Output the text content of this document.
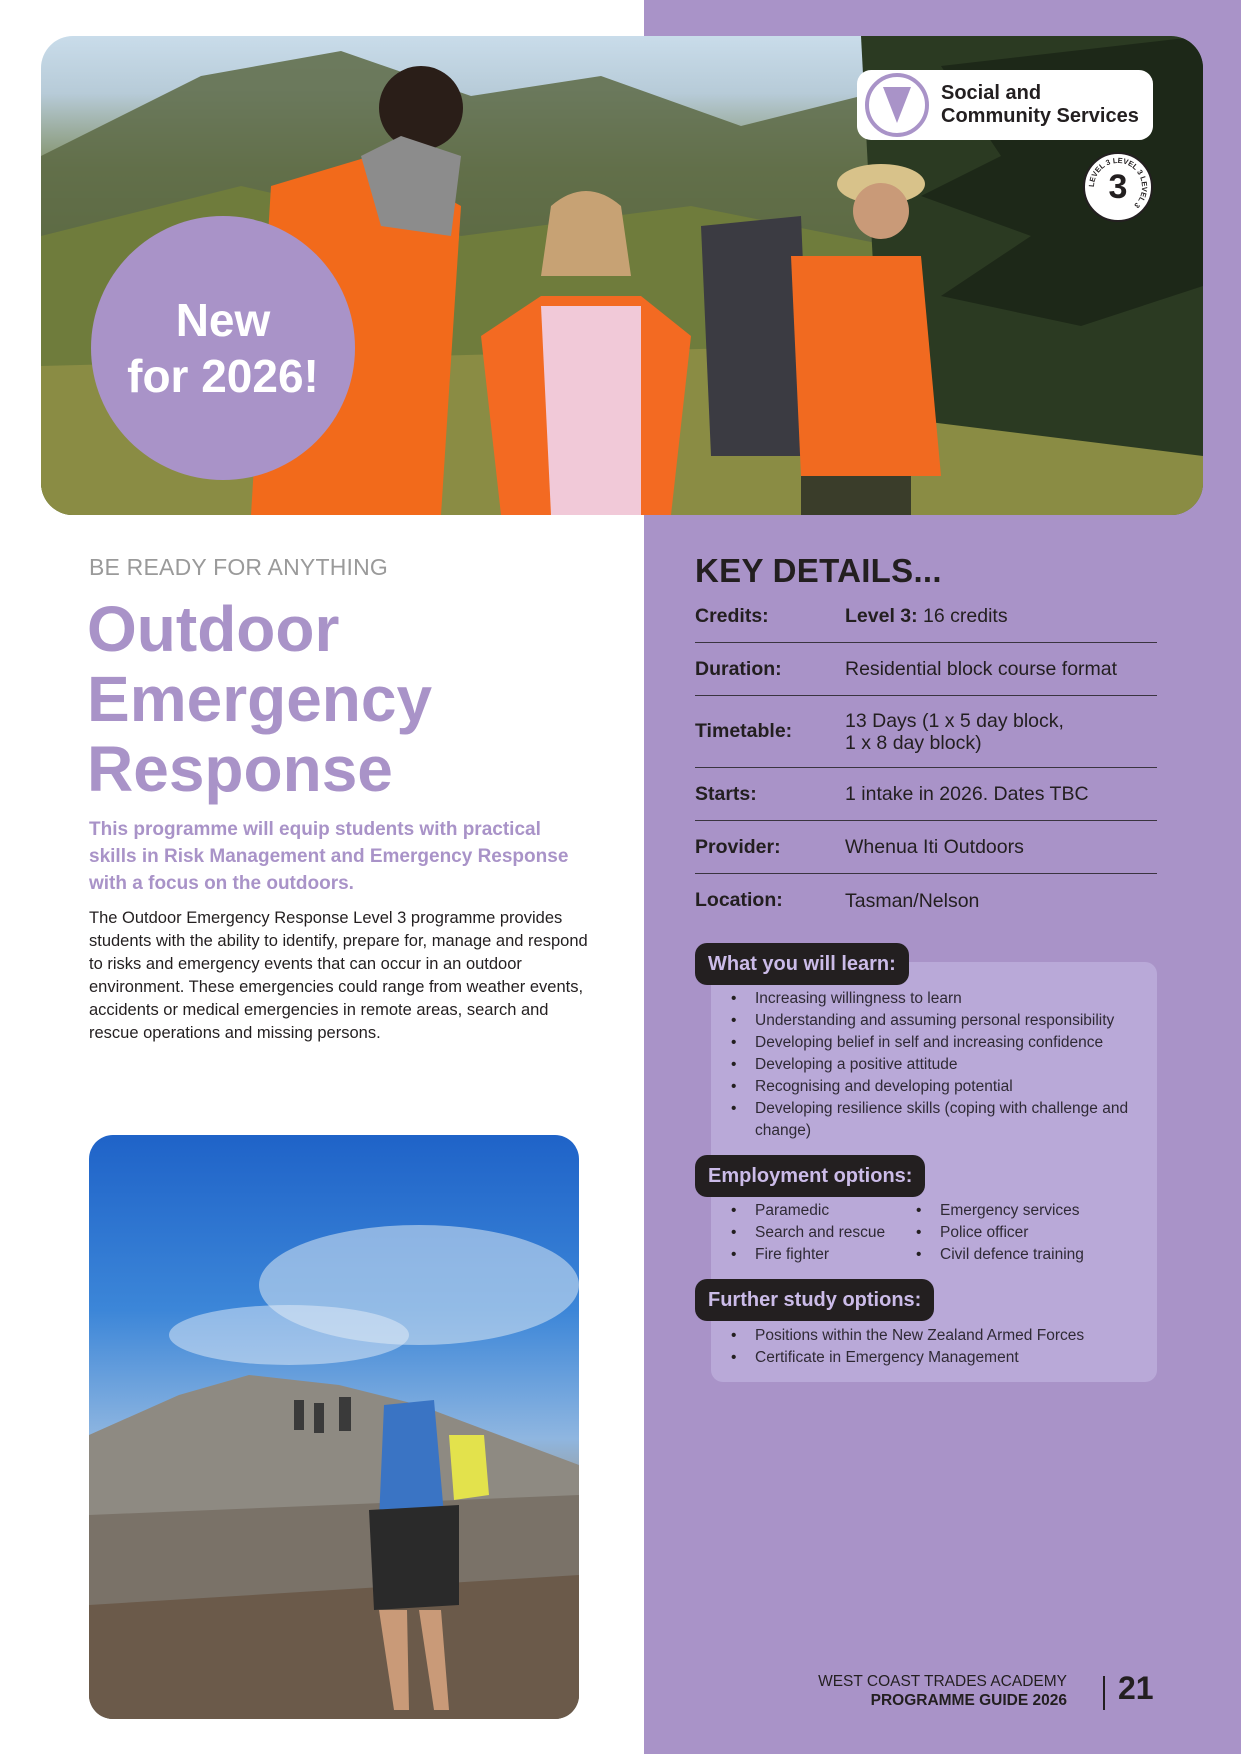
New
for 2026!
Social and
Community Services
LEVEL 3 LEVEL 3 LEVEL 3
3
BE READY FOR ANYTHING
Outdoor
Emergency
Response

This programme will equip students with practical skills in Risk Management and Emergency Response with a focus on the outdoors.

The Outdoor Emergency Response Level 3 programme provides students with the ability to identify, prepare for, manage and respond to risks and emergency events that can occur in an outdoor environment. These emergencies could range from weather events, accidents or medical emergencies in remote areas, search and rescue operations and missing persons.

KEY DETAILS...
Credits:	Level 3: 16 credits
Duration:	Residential block course format
Timetable:	13 Days (1 x 5 day block,
1 x 8 day block)
Starts:	1 intake in 2026. Dates TBC
Provider:	Whenua Iti Outdoors
Location:	Tasman/Nelson
What you will learn:
• Increasing willingness to learn
• Understanding and assuming personal responsibility
• Developing belief in self and increasing confidence
• Developing a positive attitude
• Recognising and developing potential
• Developing resilience skills (coping with challenge and change)
Employment options:
• Paramedic	• Emergency services
• Search and rescue	• Police officer
• Fire fighter	• Civil defence training
Further study options:
• Positions within the New Zealand Armed Forces
• Certificate in Emergency Management
WEST COAST TRADES ACADEMY
PROGRAMME GUIDE 2026 21
